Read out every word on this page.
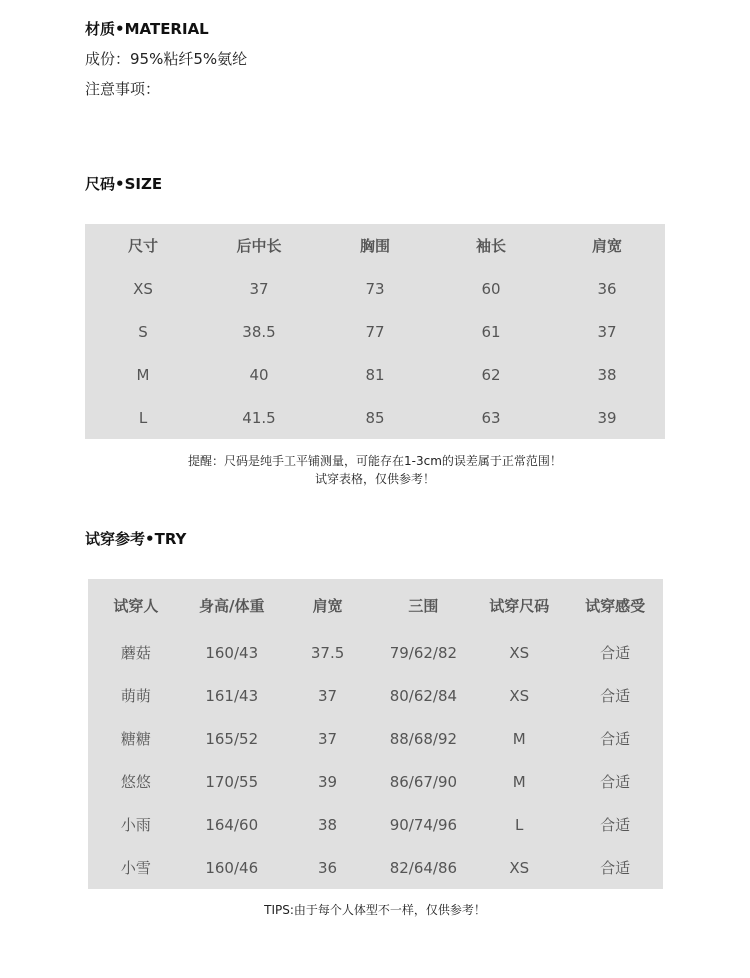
材质•MATERIAL
成份：95%粘纤5%氨纶
注意事项：
尺码•SIZE
尺寸	后中长	胸围	袖长	肩宽
XS	37	73	60	36
S	38.5	77	61	37
M	40	81	62	38
L	41.5	85	63	39
提醒：尺码是纯手工平铺测量，可能存在1-3cm的误差属于正常范围！
试穿表格，仅供参考！
试穿参考•TRY
试穿人	身高/体重	肩宽	三围	试穿尺码	试穿感受
蘑菇	160/43	37.5	79/62/82	XS	合适
萌萌	161/43	37	80/62/84	XS	合适
糖糖	165/52	37	88/68/92	M	合适
悠悠	170/55	39	86/67/90	M	合适
小雨	164/60	38	90/74/96	L	合适
小雪	160/46	36	82/64/86	XS	合适
TIPS:由于每个人体型不一样，仅供参考！
